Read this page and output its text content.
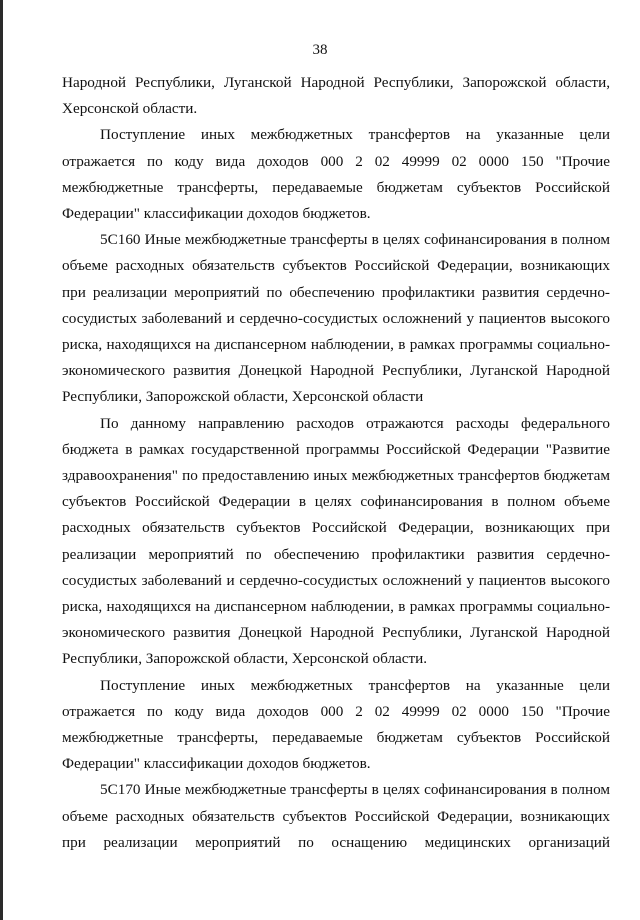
38

Народной Республики, Луганской Народной Республики, Запорожской области, Херсонской области.

Поступление иных межбюджетных трансфертов на указанные цели отражается по коду вида доходов 000 2 02 49999 02 0000 150 "Прочие межбюджетные трансферты, передаваемые бюджетам субъектов Российской Федерации" классификации доходов бюджетов.

5С160 Иные межбюджетные трансферты в целях софинансирования в полном объеме расходных обязательств субъектов Российской Федерации, возникающих при реализации мероприятий по обеспечению профилактики развития сердечно-сосудистых заболеваний и сердечно-сосудистых осложнений у пациентов высокого риска, находящихся на диспансерном наблюдении, в рамках программы социально-экономического развития Донецкой Народной Республики, Луганской Народной Республики, Запорожской области, Херсонской области

По данному направлению расходов отражаются расходы федерального бюджета в рамках государственной программы Российской Федерации "Развитие здравоохранения" по предоставлению иных межбюджетных трансфертов бюджетам субъектов Российской Федерации в целях софинансирования в полном объеме расходных обязательств субъектов Российской Федерации, возникающих при реализации мероприятий по обеспечению профилактики развития сердечно-сосудистых заболеваний и сердечно-сосудистых осложнений у пациентов высокого риска, находящихся на диспансерном наблюдении, в рамках программы социально-экономического развития Донецкой Народной Республики, Луганской Народной Республики, Запорожской области, Херсонской области.

Поступление иных межбюджетных трансфертов на указанные цели отражается по коду вида доходов 000 2 02 49999 02 0000 150 "Прочие межбюджетные трансферты, передаваемые бюджетам субъектов Российской Федерации" классификации доходов бюджетов.

5С170 Иные межбюджетные трансферты в целях софинансирования в полном объеме расходных обязательств субъектов Российской Федерации, возникающих при реализации мероприятий по оснащению медицинских организаций
